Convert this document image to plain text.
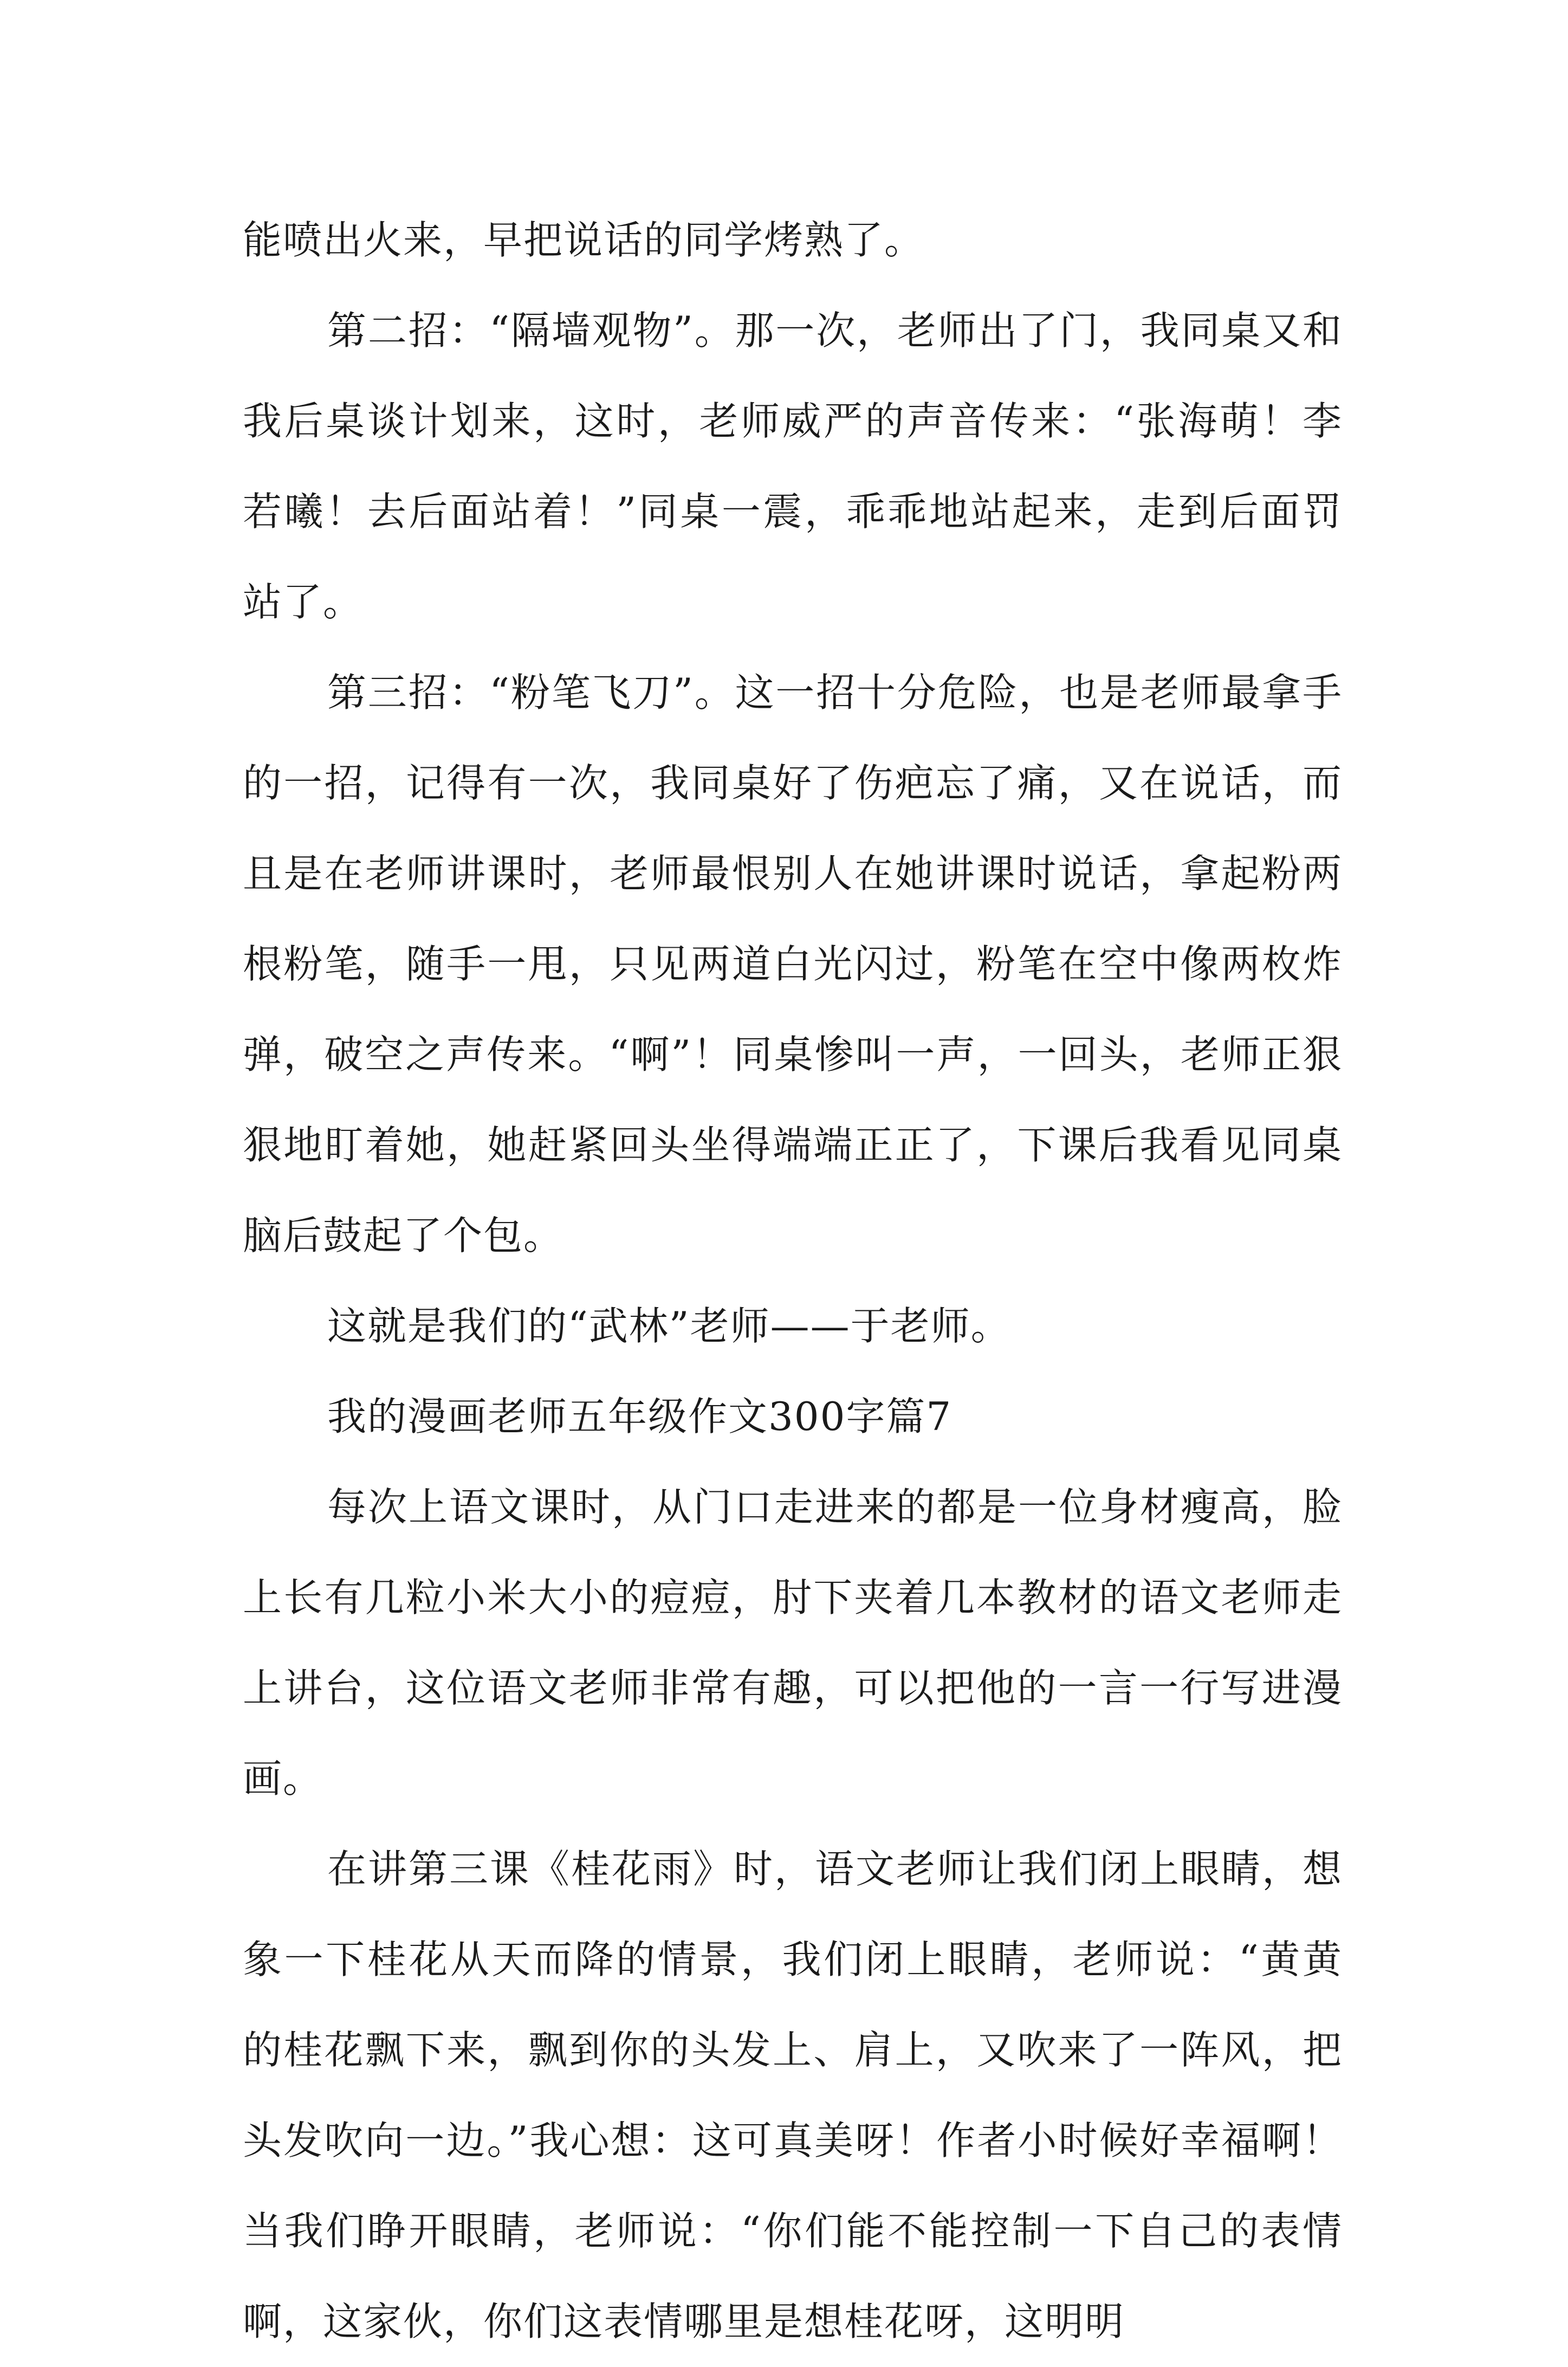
能喷出火来，早把说话的同学烤熟了。

第二招：“隔墙观物”。那一次，老师出了门，我同桌又和我后桌谈计划来，这时，老师威严的声音传来：“张海萌！李若曦！去后面站着！”同桌一震，乖乖地站起来，走到后面罚站了。

第三招：“粉笔飞刀”。这一招十分危险，也是老师最拿手的一招，记得有一次，我同桌好了伤疤忘了痛，又在说话，而且是在老师讲课时，老师最恨别人在她讲课时说话，拿起粉两根粉笔，随手一甩，只见两道白光闪过，粉笔在空中像两枚炸弹，破空之声传来。“啊”！同桌惨叫一声，一回头，老师正狠狠地盯着她，她赶紧回头坐得端端正正了，下课后我看见同桌脑后鼓起了个包。

这就是我们的“武林”老师——于老师。

我的漫画老师五年级作文300字篇7

每次上语文课时，从门口走进来的都是一位身材瘦高，脸上长有几粒小米大小的痘痘，肘下夹着几本教材的语文老师走上讲台，这位语文老师非常有趣，可以把他的一言一行写进漫画。

在讲第三课《桂花雨》时，语文老师让我们闭上眼睛，想象一下桂花从天而降的情景，我们闭上眼睛，老师说：“黄黄的桂花飘下来，飘到你的头发上、肩上，又吹来了一阵风，把头发吹向一边。”我心想：这可真美呀！作者小时候好幸福啊！当我们睁开眼睛，老师说：“你们能不能控制一下自己的表情啊，这家伙，你们这表情哪里是想桂花呀，这明明
